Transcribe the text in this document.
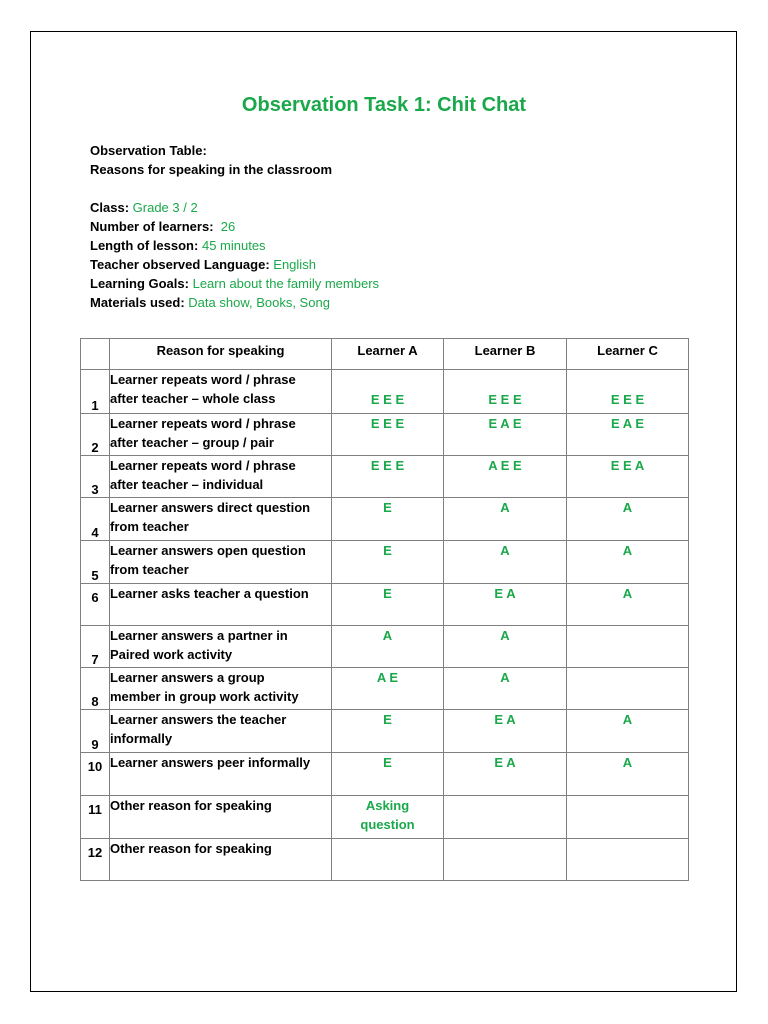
Observation Task 1: Chit Chat
Observation Table:
Reasons for speaking in the classroom
Class: Grade 3 / 2
Number of learners: 26
Length of lesson: 45 minutes
Teacher observed Language: English
Learning Goals: Learn about the family members
Materials used: Data show, Books, Song
	Reason for speaking	Learner A	Learner B	Learner C
1	Learner repeats word / phrase
after teacher – whole class	E E E	E E E	E E E
2	Learner repeats word / phrase
after teacher – group / pair	E E E	E A E	E A E
3	Learner repeats word / phrase
after teacher – individual	E E E	A E E	E E A
4	Learner answers direct question
from teacher	E	A	A
5	Learner answers open question
from teacher	E	A	A
6	Learner asks teacher a question	E	E A	A
7	Learner answers a partner in
Paired work activity	A	A	
8	Learner answers a group
member in group work activity	A E	A	
9	Learner answers the teacher
informally	E	E A	A
10	Learner answers peer informally	E	E A	A
11	Other reason for speaking	Asking
question		

12	Other reason for speaking			
